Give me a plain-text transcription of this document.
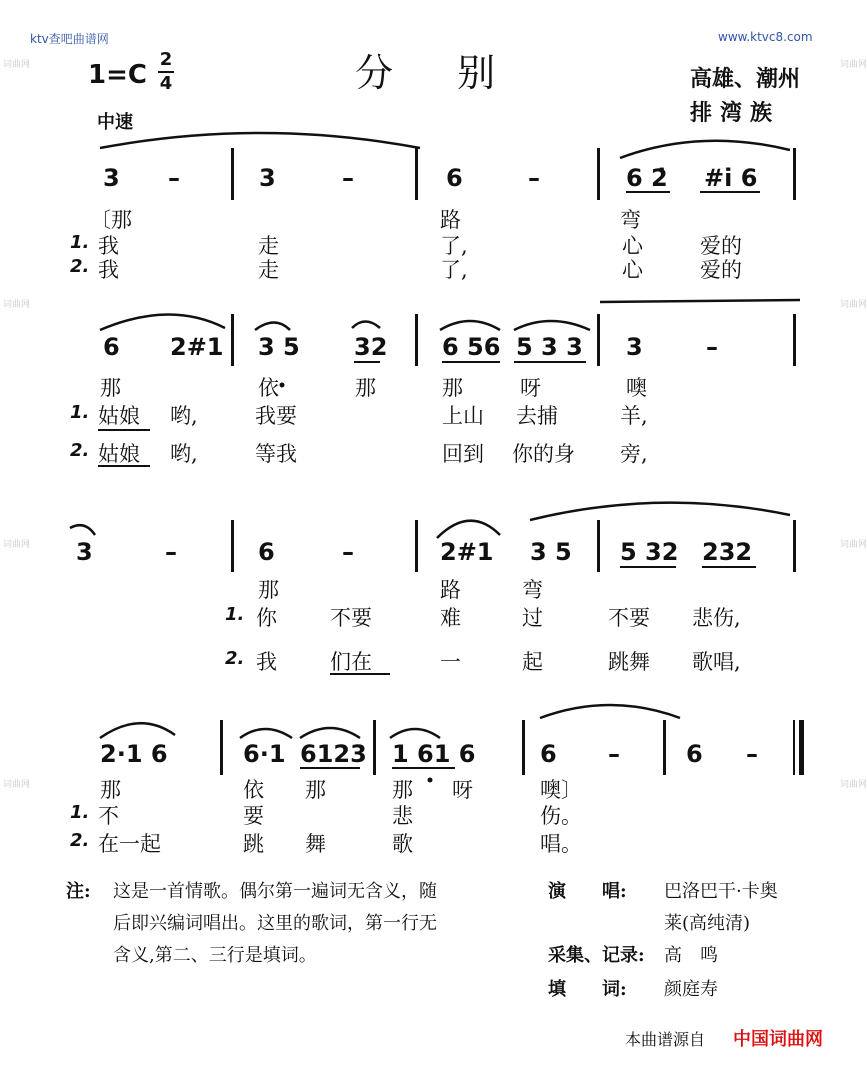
词曲网
词曲网
词曲网
词曲网
词曲网
词曲网
词曲网
词曲网
ktv查吧曲谱网	www.ktvc8.com
分 别
1=C
2
4	高雄、潮州
排湾族
中速
3 –	3	–	6	–	6 2̇ #i 6
〔那	路	弯
1. 我	走	了,	心	爱的
2. 我	走	了,	心	爱的
6 2#1 3 5 32 6 56 5 3 3 3	–
那	依	那	那	呀	噢
1. 姑娘 哟,	我要	上山 去捕	羊,
2. 姑娘 哟,	等我	回到 你的身 旁,
3	–	6	–	2#1 3 5 5 32 232
那	路	弯
1. 你	不要	难	过	不要 悲伤,
2. 我	们在	一	起	跳舞 歌唱,
2·1 6	6·1 6123 1 61 6	6 –	6 –
那	依 那	那 呀	噢〕
1. 不	要	悲	伤。
2. 在一起	跳 舞	歌	唱。
注: 这是一首情歌。偶尔第一遍词无含义，随
后即兴编词唱出。这里的歌词，第一行无
含义,第二、三行是填词。
演　　唱: 巴洛巴干·卡奥
莱(高纯清)
采集、记录: 高　鸣
填　　词: 颜庭寿
本曲谱源自 中国词曲网
